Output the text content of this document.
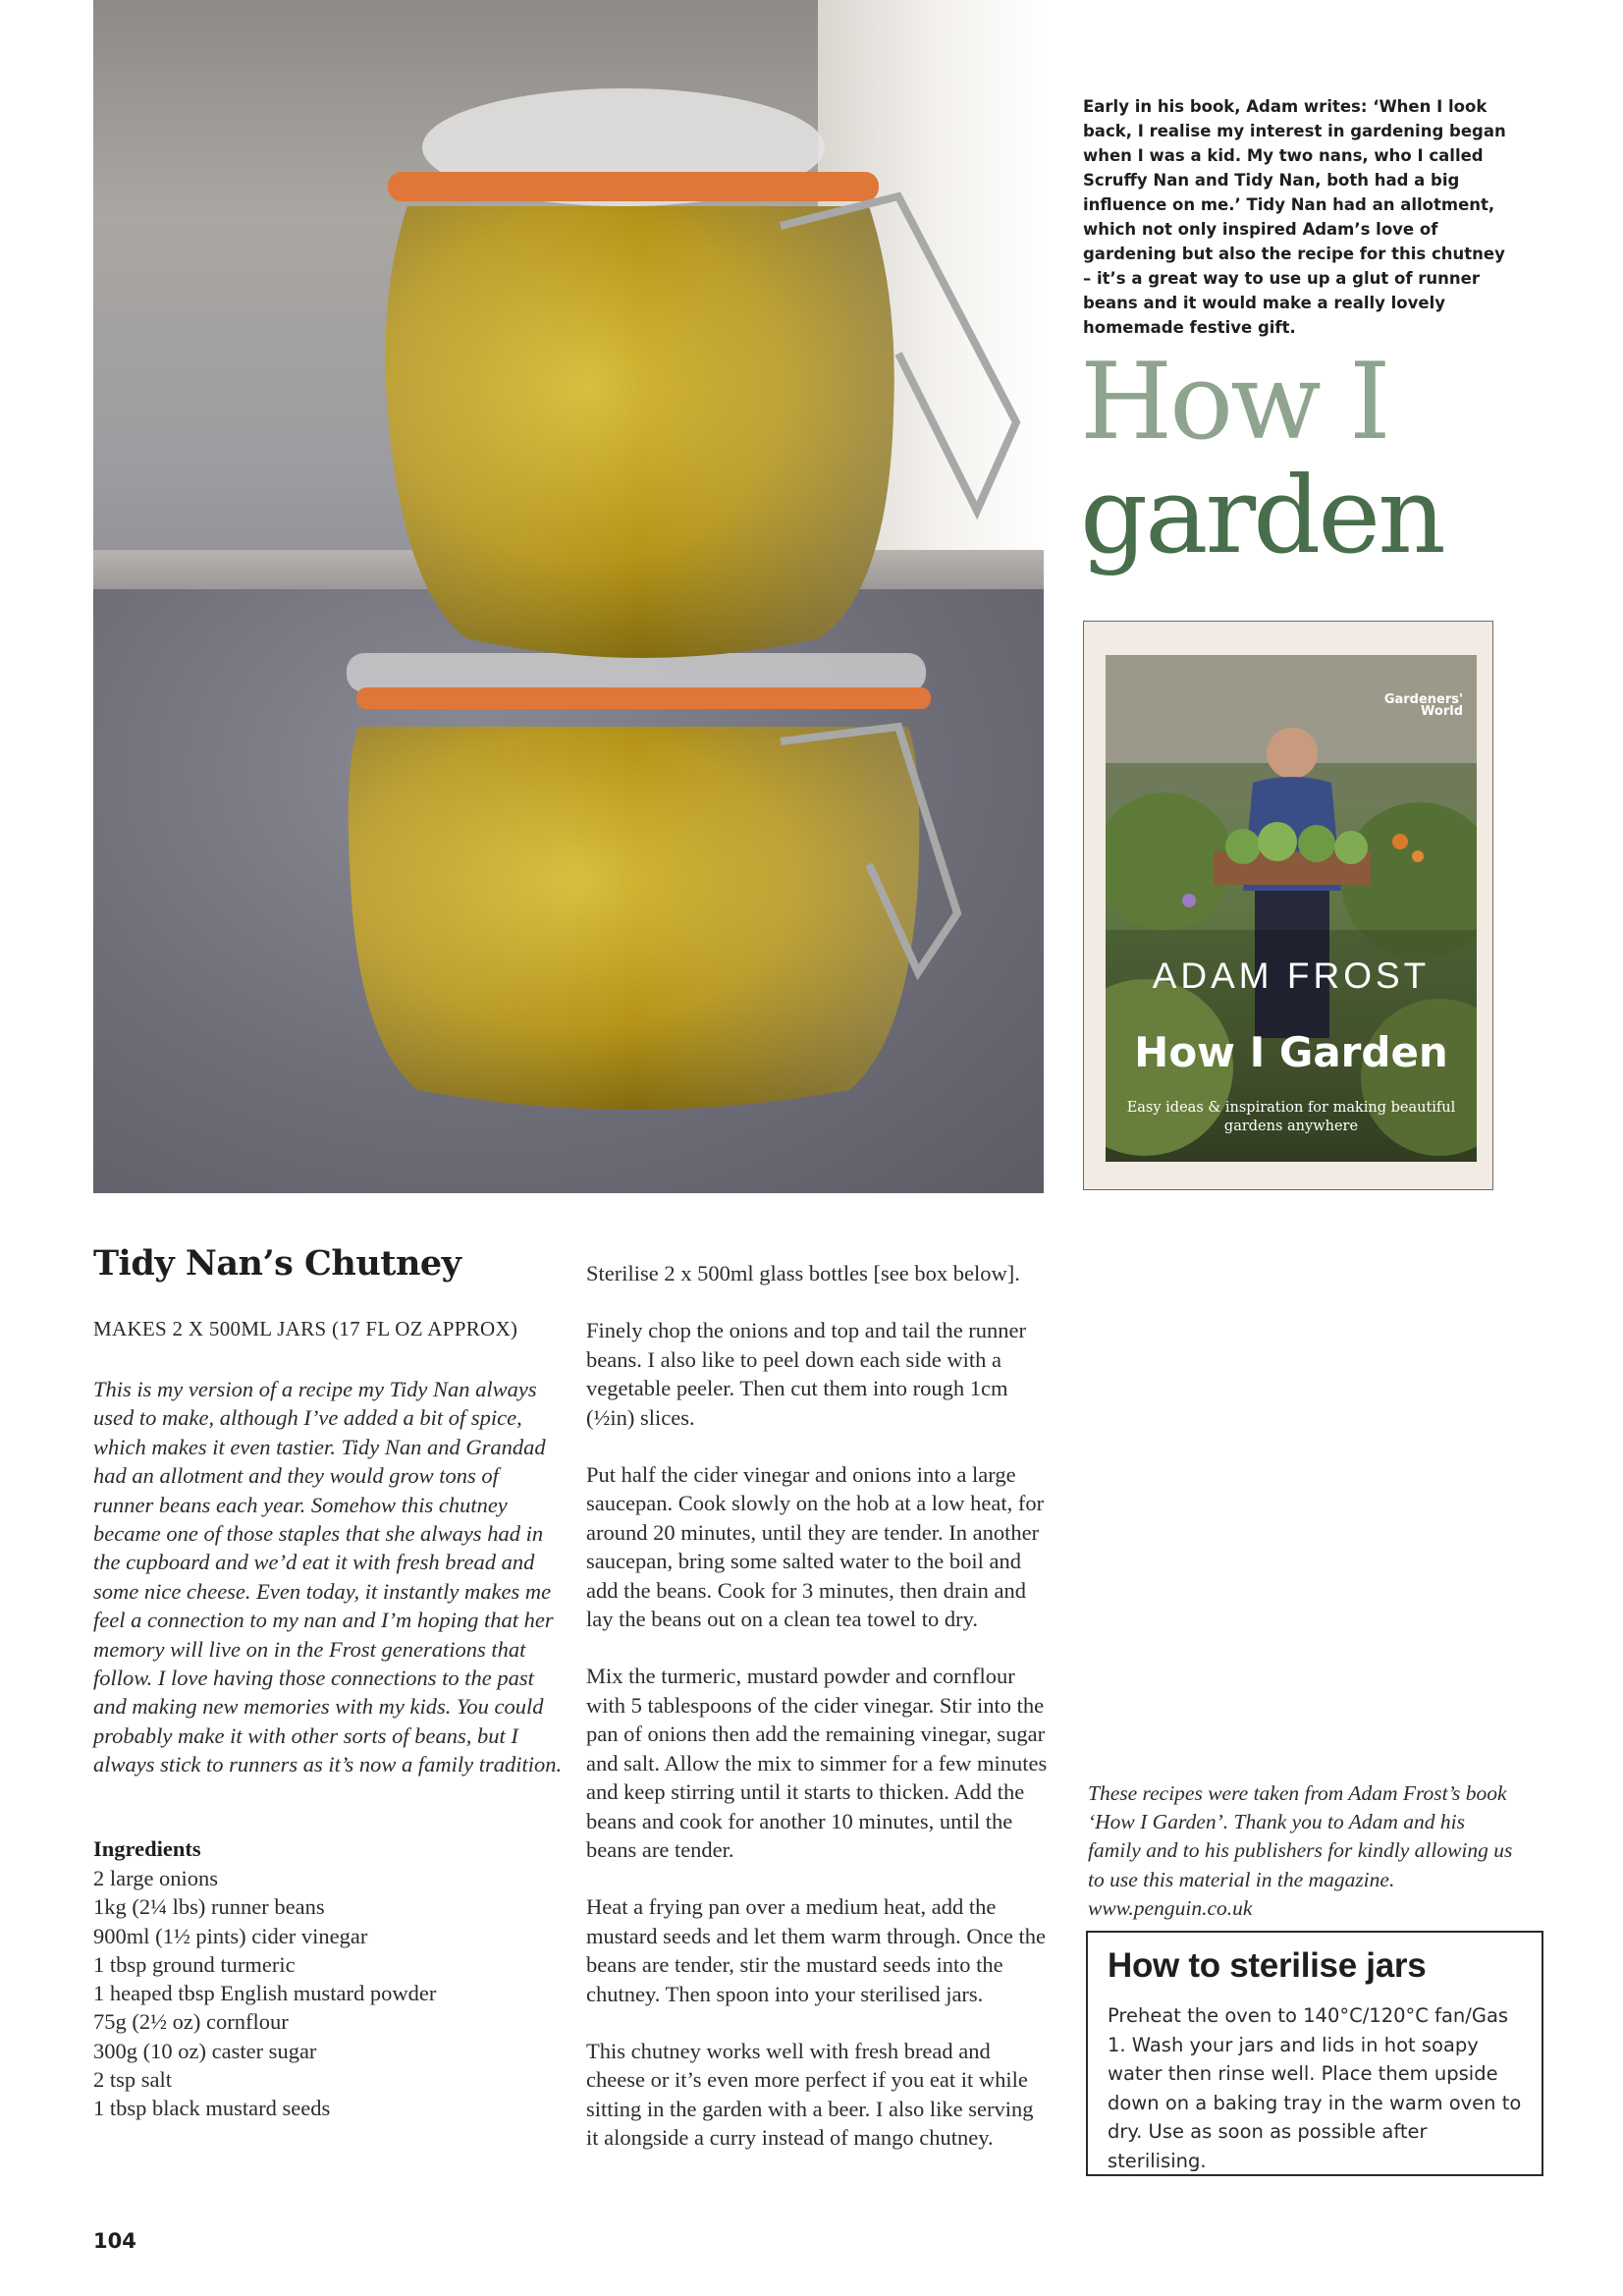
Early in his book, Adam writes: ‘When I look back, I realise my interest in gardening began when I was a kid. My two nans, who I called Scruffy Nan and Tidy Nan, both had a big influence on me.’ Tidy Nan had an allotment, which not only inspired Adam’s love of gardening but also the recipe for this chutney – it’s a great way to use up a glut of runner beans and it would make a really lovely homemade festive gift.
How I
garden
Gardeners'
World
ADAM FROST
How I Garden
Easy ideas & inspiration for making beautiful gardens anywhere
Tidy Nan’s Chutney
MAKES 2 X 500ML JARS (17 FL OZ APPROX)

This is my version of a recipe my Tidy Nan always used to make, although I’ve added a bit of spice, which makes it even tastier. Tidy Nan and Grandad had an allotment and they would grow tons of runner beans each year. Somehow this chutney became one of those staples that she always had in the cupboard and we’d eat it with fresh bread and some nice cheese. Even today, it instantly makes me feel a connection to my nan and I’m hoping that her memory will live on in the Frost generations that follow. I love having those connections to the past and making new memories with my kids. You could probably make it with other sorts of beans, but I always stick to runners as it’s now a family tradition.

Ingredients
2 large onions
1kg (2¼ lbs) runner beans
900ml (1½ pints) cider vinegar
1 tbsp ground turmeric
1 heaped tbsp English mustard powder
75g (2½ oz) cornflour
300g (10 oz) caster sugar
2 tsp salt
1 tbsp black mustard seeds

Sterilise 2 x 500ml glass bottles [see box below].

Finely chop the onions and top and tail the runner beans. I also like to peel down each side with a vegetable peeler. Then cut them into rough 1cm (½in) slices.

Put half the cider vinegar and onions into a large saucepan. Cook slowly on the hob at a low heat, for around 20 minutes, until they are tender. In another saucepan, bring some salted water to the boil and add the beans. Cook for 3 minutes, then drain and lay the beans out on a clean tea towel to dry.

Mix the turmeric, mustard powder and cornflour with 5 tablespoons of the cider vinegar. Stir into the pan of onions then add the remaining vinegar, sugar and salt. Allow the mix to simmer for a few minutes and keep stirring until it starts to thicken. Add the beans and cook for another 10 minutes, until the beans are tender.

Heat a frying pan over a medium heat, add the mustard seeds and let them warm through. Once the beans are tender, stir the mustard seeds into the chutney. Then spoon into your sterilised jars.

This chutney works well with fresh bread and cheese or it’s even more perfect if you eat it while sitting in the garden with a beer. I also like serving it alongside a curry instead of mango chutney.

These recipes were taken from Adam Frost’s book ‘How I Garden’. Thank you to Adam and his family and to his publishers for kindly allowing us to use this material in the magazine. www.penguin.co.uk

How to sterilise jars

Preheat the oven to 140°C/120°C fan/Gas 1. Wash your jars and lids in hot soapy water then rinse well. Place them upside down on a baking tray in the warm oven to dry. Use as soon as possible after sterilising.

104
